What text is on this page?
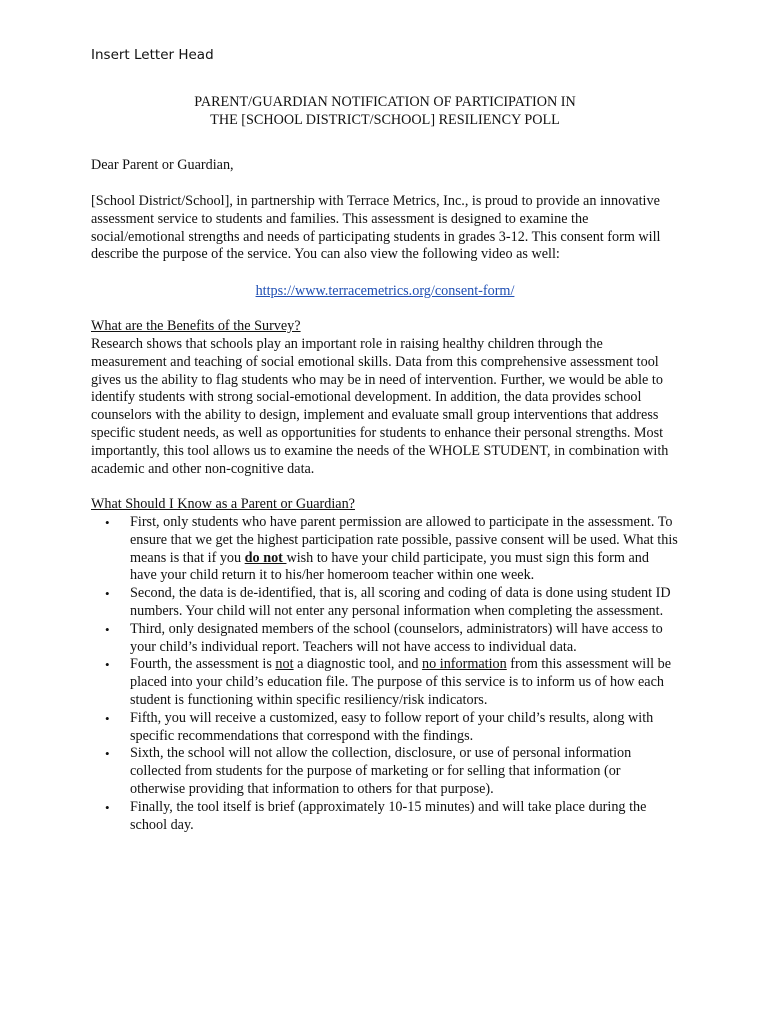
Insert Letter Head
PARENT/GUARDIAN NOTIFICATION OF PARTICIPATION IN
THE [SCHOOL DISTRICT/SCHOOL] RESILIENCY POLL

Dear Parent or Guardian,

[School District/School], in partnership with Terrace Metrics, Inc., is proud to provide an innovative assessment service to students and families. This assessment is designed to examine the social/emotional strengths and needs of participating students in grades 3-12. This consent form will describe the purpose of the service. You can also view the following video as well:

https://www.terracemetrics.org/consent-form/
What are the Benefits of the Survey?

Research shows that schools play an important role in raising healthy children through the measurement and teaching of social emotional skills. Data from this comprehensive assessment tool gives us the ability to flag students who may be in need of intervention. Further, we would be able to identify students with strong social-emotional development. In addition, the data provides school counselors with the ability to design, implement and evaluate small group interventions that address specific student needs, as well as opportunities for students to enhance their personal strengths. Most importantly, this tool allows us to examine the needs of the WHOLE STUDENT, in combination with academic and other non-cognitive data.

What Should I Know as a Parent or Guardian?
• First, only students who have parent permission are allowed to participate in the assessment. To ensure that we get the highest participation rate possible, passive consent will be used. What this means is that if you do not wish to have your child participate, you must sign this form and have your child return it to his/her homeroom teacher within one week.
• Second, the data is de-identified, that is, all scoring and coding of data is done using student ID numbers. Your child will not enter any personal information when completing the assessment.
• Third, only designated members of the school (counselors, administrators) will have access to your child’s individual report. Teachers will not have access to individual data.
• Fourth, the assessment is not a diagnostic tool, and no information from this assessment will be placed into your child’s education file. The purpose of this service is to inform us of how each student is functioning within specific resiliency/risk indicators.
• Fifth, you will receive a customized, easy to follow report of your child’s results, along with specific recommendations that correspond with the findings.
• Sixth, the school will not allow the collection, disclosure, or use of personal information collected from students for the purpose of marketing or for selling that information (or otherwise providing that information to others for that purpose).
• Finally, the tool itself is brief (approximately 10-15 minutes) and will take place during the school day.
